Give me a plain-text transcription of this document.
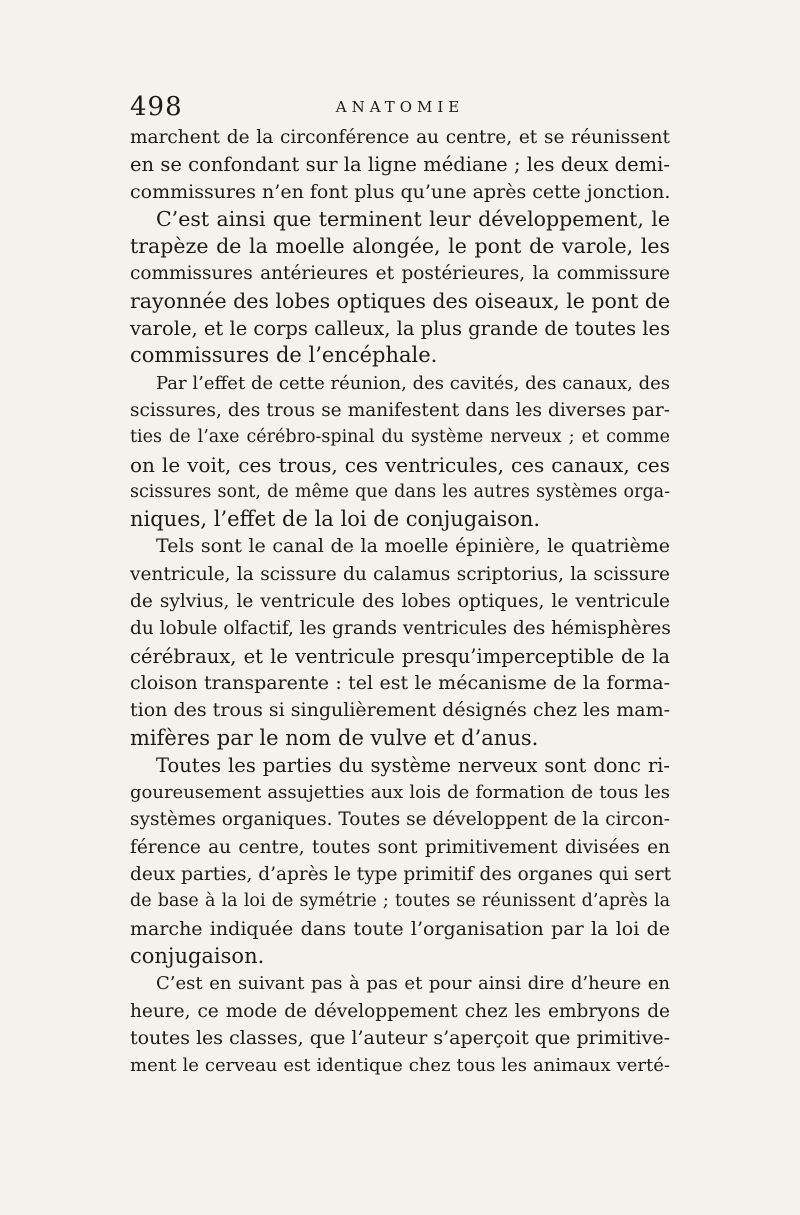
498	ANATOMIE
marchent de la circonférence au centre, et se réunissent
en se confondant sur la ligne médiane ; les deux demi-
commissures n’en font plus qu’une après cette jonction.
C’est ainsi que terminent leur développement, le
trapèze de la moelle alongée, le pont de varole, les
commissures antérieures et postérieures, la commissure
rayonnée des lobes optiques des oiseaux, le pont de
varole, et le corps calleux, la plus grande de toutes les
commissures de l’encéphale.
Par l’effet de cette réunion, des cavités, des canaux, des
scissures, des trous se manifestent dans les diverses par-
ties de l’axe cérébro-spinal du système nerveux ; et comme
on le voit, ces trous, ces ventricules, ces canaux, ces
scissures sont, de même que dans les autres systèmes orga-
niques, l’effet de la loi de conjugaison.
Tels sont le canal de la moelle épinière, le quatrième
ventricule, la scissure du calamus scriptorius, la scissure
de sylvius, le ventricule des lobes optiques, le ventricule
du lobule olfactif, les grands ventricules des hémisphères
cérébraux, et le ventricule presqu’imperceptible de la
cloison transparente : tel est le mécanisme de la forma-
tion des trous si singulièrement désignés chez les mam-
mifères par le nom de vulve et d’anus.
Toutes les parties du système nerveux sont donc ri-
goureusement assujetties aux lois de formation de tous les
systèmes organiques. Toutes se développent de la circon-
férence au centre, toutes sont primitivement divisées en
deux parties, d’après le type primitif des organes qui sert
de base à la loi de symétrie ; toutes se réunissent d’après la
marche indiquée dans toute l’organisation par la loi de
conjugaison.
C’est en suivant pas à pas et pour ainsi dire d’heure en
heure, ce mode de développement chez les embryons de
toutes les classes, que l’auteur s’aperçoit que primitive-
ment le cerveau est identique chez tous les animaux verté-
